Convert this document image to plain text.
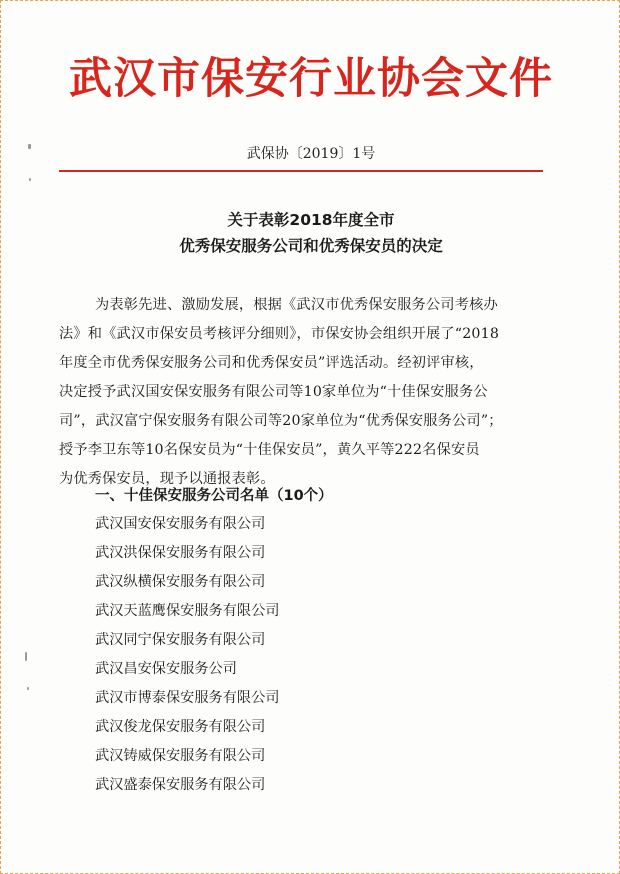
武汉市保安行业协会文件
武保协〔2019〕1号
关于表彰2018年度全市
优秀保安服务公司和优秀保安员的决定
为表彰先进、激励发展，根据《武汉市优秀保安服务公司考核办
法》和《武汉市保安员考核评分细则》，市保安协会组织开展了“2018
年度全市优秀保安服务公司和优秀保安员”评选活动。经初评审核，
决定授予武汉国安保安服务有限公司等10家单位为“十佳保安服务公
司”，武汉富宁保安服务有限公司等20家单位为“优秀保安服务公司”；
授予李卫东等10名保安员为“十佳保安员”，黄久平等222名保安员
为优秀保安员，现予以通报表彰。
一、十佳保安服务公司名单（10个）
武汉国安保安服务有限公司
武汉洪保保安服务有限公司
武汉纵横保安服务有限公司
武汉天蓝鹰保安服务有限公司
武汉同宁保安服务有限公司
武汉昌安保安服务公司
武汉市博泰保安服务有限公司
武汉俊龙保安服务有限公司
武汉铸威保安服务有限公司
武汉盛泰保安服务有限公司
